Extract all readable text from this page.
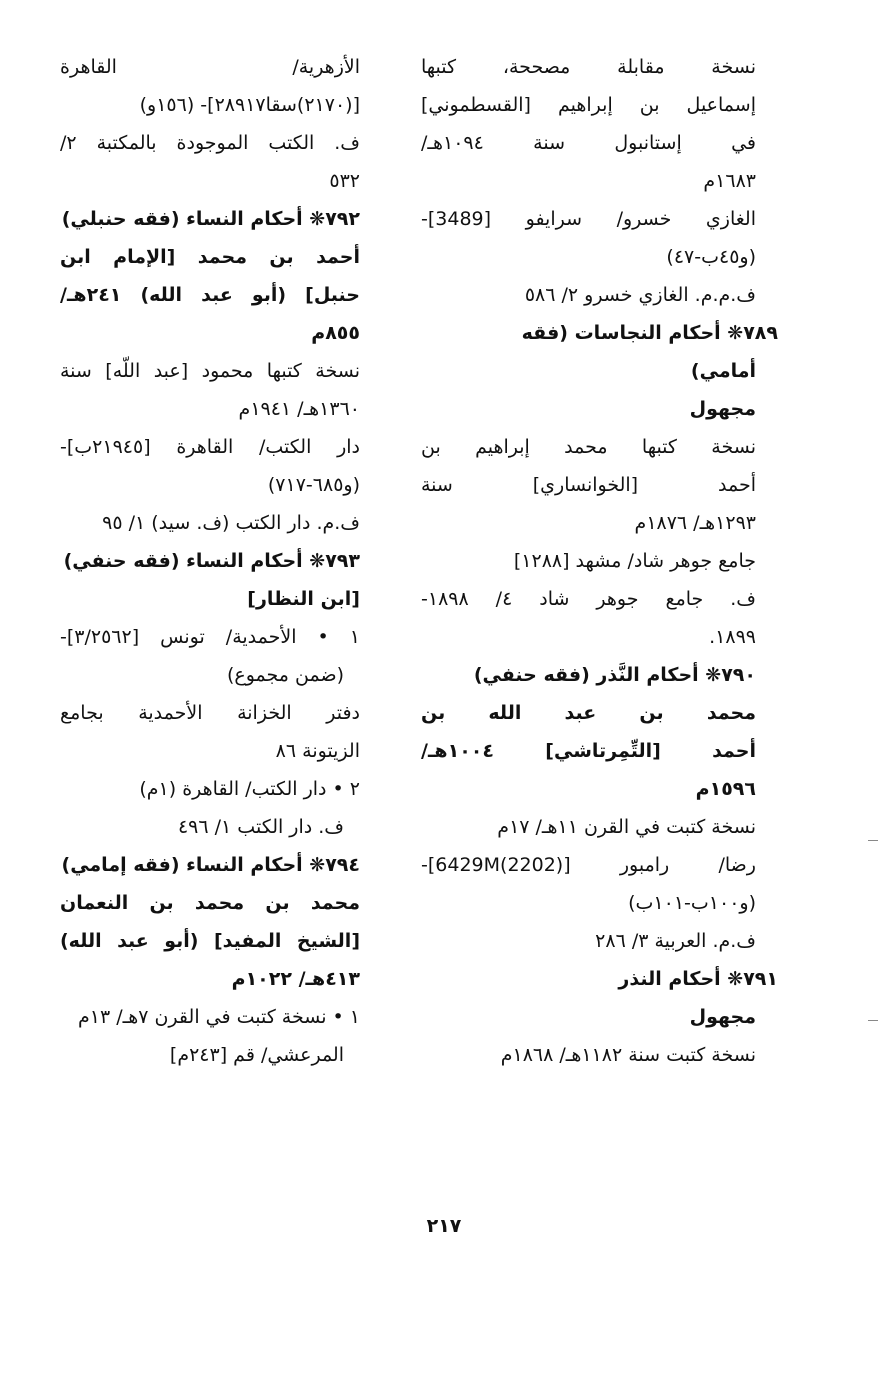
نسخة مقابلة مصححة، كتبها
إسماعيل بن إبراهيم [القسطموني]
في إستانبول سنة ١٠٩٤هـ/
١٦٨٣م
الغازي خسرو/ سرايفو [3489]-
(و٤٥ب-٤٧)
ف.م.م. الغازي خسرو ٢/ ٥٨٦
٧٨٩❋ أحكام النجاسات (فقه
أمامي)
مجهول
نسخة كتبها محمد إبراهيم بن
أحمد [الخوانساري] سنة
١٢٩٣هـ/ ١٨٧٦م
جامع جوهر شاد/ مشهد [١٢٨٨]
ف. جامع جوهر شاد ٤/ ١٨٩٨-
١٨٩٩.
٧٩٠❋ أحكام النَّذر (فقه حنفي)
محمد بن عبد الله بن
أحمد [التِّمِرتاشي] ١٠٠٤هـ/
١٥٩٦م
نسخة كتبت في القرن ١١هـ/ ١٧م
رضا/ رامبور [6429M(2202)]-
(و١٠٠ب-١٠١ب)
ف.م. العربية ٣/ ٢٨٦
٧٩١❋ أحكام النذر
مجهول
نسخة كتبت سنة ١١٨٢هـ/ ١٨٦٨م
الأزهرية/ القاهرة
[(٢١٧٠)سقا٢٨٩١٧]- (١٥٦و)
ف. الكتب الموجودة بالمكتبة ٢/
٥٣٢
٧٩٢❋ أحكام النساء (فقه حنبلي)
أحمد بن محمد [الإمام ابن
حنبل] (أبو عبد الله) ٢٤١هـ/
٨٥٥م
نسخة كتبها محمود [عبد اللّه] سنة
١٣٦٠هـ/ ١٩٤١م
دار الكتب/ القاهرة [٢١٩٤٥ب]-
(و٦٨٥-٧١٧)
ف.م. دار الكتب (ف. سيد) ١/ ٩٥
٧٩٣❋ أحكام النساء (فقه حنفي)
[ابن النظار]
١ • الأحمدية/ تونس [٣/٢٥٦٢]-
(ضمن مجموع)
دفتر الخزانة الأحمدية بجامع
الزيتونة ٨٦
٢ • دار الكتب/ القاهرة (١م)
ف. دار الكتب ١/ ٤٩٦
٧٩٤❋ أحكام النساء (فقه إمامي)
محمد بن محمد بن النعمان
[الشيخ المفيد] (أبو عبد الله)
٤١٣هـ/ ١٠٢٢م
١ • نسخة كتبت في القرن ٧هـ/ ١٣م
المرعشي/ قم [٢٤٣م]
٢١٧
